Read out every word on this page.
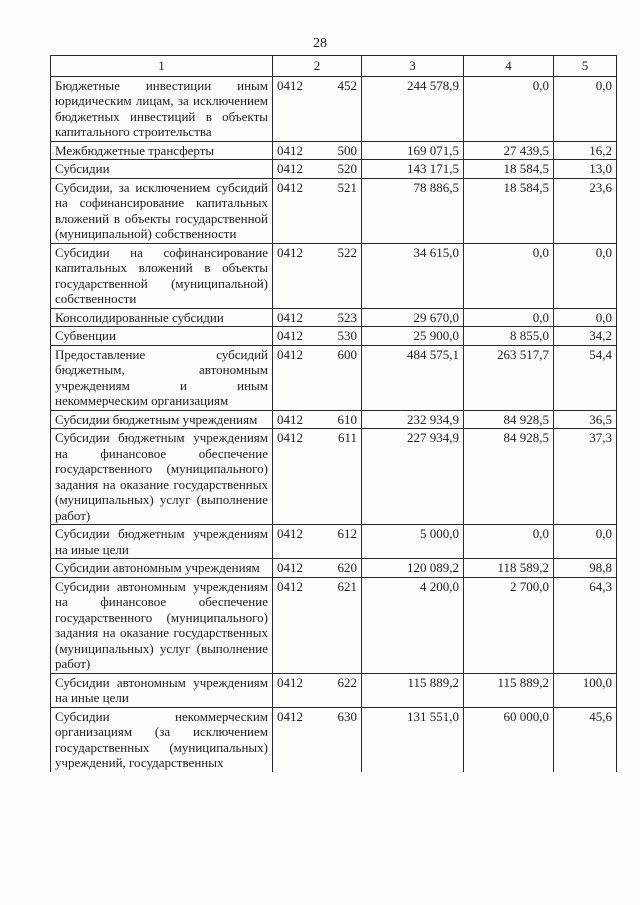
28
1	2	3	4	5
Бюджетные инвестиции иным юридическим лицам, за исключением бюджетных инвестиций в объекты капитального строительства	0412 452	244 578,9	0,0	0,0
Межбюджетные трансферты	0412 500	169 071,5	27 439,5	16,2
Субсидии	0412 520	143 171,5	18 584,5	13,0
Субсидии, за исключением субсидий на софинансирование капитальных вложений в объекты государственной (муниципальной) собственности	0412 521	78 886,5	18 584,5	23,6
Субсидии на софинансирование капитальных вложений в объекты государственной (муниципальной) собственности	0412 522	34 615,0	0,0	0,0
Консолидированные субсидии	0412 523	29 670,0	0,0	0,0
Субвенции	0412 530	25 900,0	8 855,0	34,2
Предоставление субсидий бюджетным, автономным учреждениям и иным некоммерческим организациям	0412 600	484 575,1	263 517,7	54,4
Субсидии бюджетным учреждениям	0412 610	232 934,9	84 928,5	36,5
Субсидии бюджетным учреждениям на финансовое обеспечение государственного (муниципального) задания на оказание государственных (муниципальных) услуг (выполнение работ)	0412 611	227 934,9	84 928,5	37,3
Субсидии бюджетным учреждениям на иные цели	0412 612	5 000,0	0,0	0,0
Субсидии автономным учреждениям	0412 620	120 089,2	118 589,2	98,8
Субсидии автономным учреждениям на финансовое обеспечение государственного (муниципального) задания на оказание государственных (муниципальных) услуг (выполнение работ)	0412 621	4 200,0	2 700,0	64,3
Субсидии автономным учреждениям на иные цели	0412 622	115 889,2	115 889,2	100,0
Субсидии некоммерческим организациям (за исключением государственных (муниципальных) учреждений, государственных	0412 630	131 551,0	60 000,0	45,6
